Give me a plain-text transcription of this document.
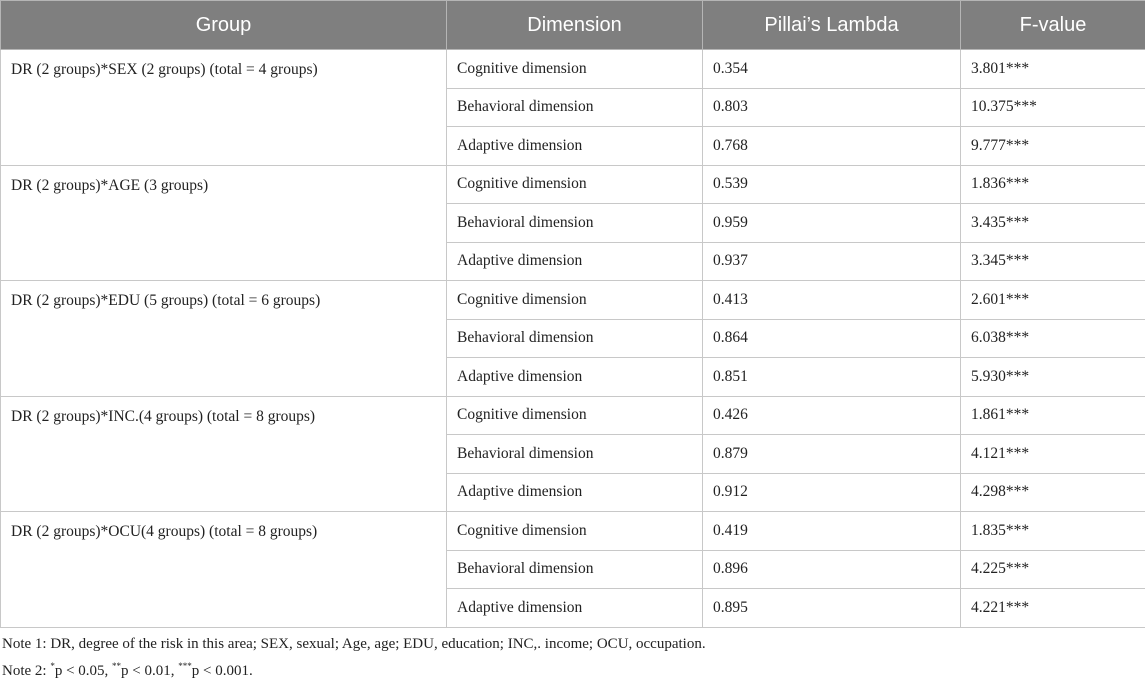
Group	Dimension	Pillai’s Lambda	F-value
DR (2 groups)*SEX (2 groups) (total = 4 groups)	Cognitive dimension	0.354	3.801***
	Behavioral dimension	0.803	10.375***
	Adaptive dimension	0.768	9.777***
DR (2 groups)*AGE (3 groups)	Cognitive dimension	0.539	1.836***
	Behavioral dimension	0.959	3.435***
	Adaptive dimension	0.937	3.345***
DR (2 groups)*EDU (5 groups) (total = 6 groups)	Cognitive dimension	0.413	2.601***
	Behavioral dimension	0.864	6.038***
	Adaptive dimension	0.851	5.930***
DR (2 groups)*INC.(4 groups) (total = 8 groups)	Cognitive dimension	0.426	1.861***
	Behavioral dimension	0.879	4.121***
	Adaptive dimension	0.912	4.298***
DR (2 groups)*OCU(4 groups) (total = 8 groups)	Cognitive dimension	0.419	1.835***
	Behavioral dimension	0.896	4.225***
	Adaptive dimension	0.895	4.221***
Note 1: DR, degree of the risk in this area; SEX, sexual; Age, age; EDU, education; INC,. income; OCU, occupation.
Note 2: *p < 0.05, **p < 0.01, ***p < 0.001.
